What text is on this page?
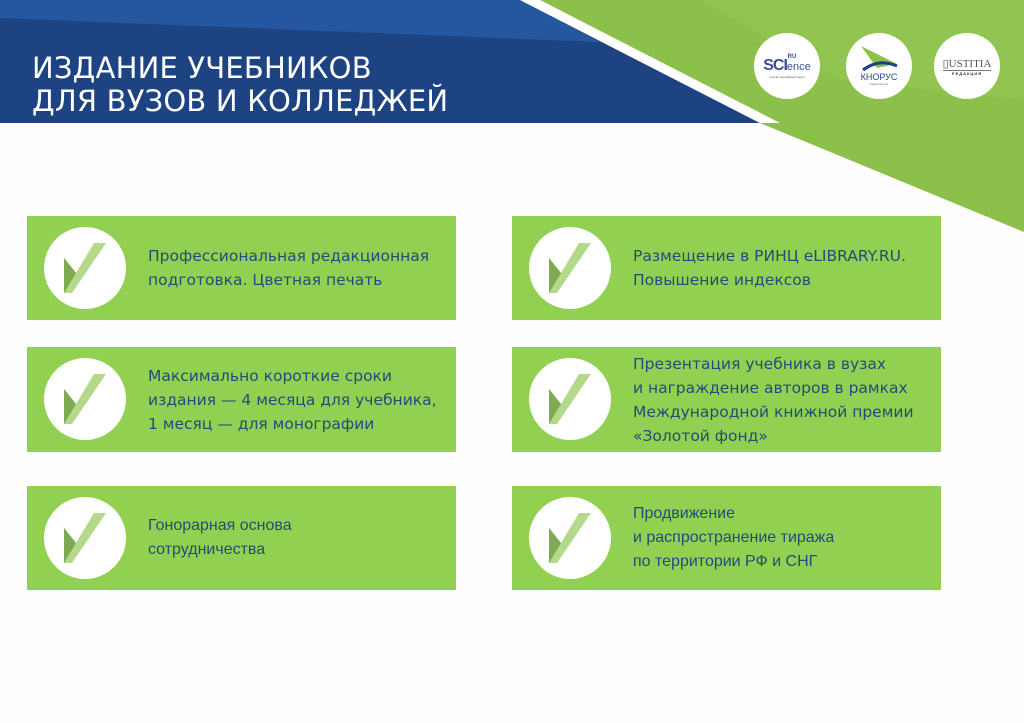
ИЗДАНИЕ УЧЕБНИКОВ
ДЛЯ ВУЗОВ И КОЛЛЕДЖЕЙ
RU
SCIence
портал российской науки	КНОРУС
издательство
▯USTITIA
РЕДАКЦИЯ
Профессиональная редакционная
подготовка. Цветная печать
Размещение в РИНЦ eLIBRARY.RU.
Повышение индексов
Максимально короткие сроки
издания — 4 месяца для учебника,
1 месяц — для монографии
Презентация учебника в вузах
и награждение авторов в рамках
Международной книжной премии
«Золотой фонд»
Гонорарная основа
сотрудничества
Продвижение
и распространение тиража
по территории РФ и СНГ
